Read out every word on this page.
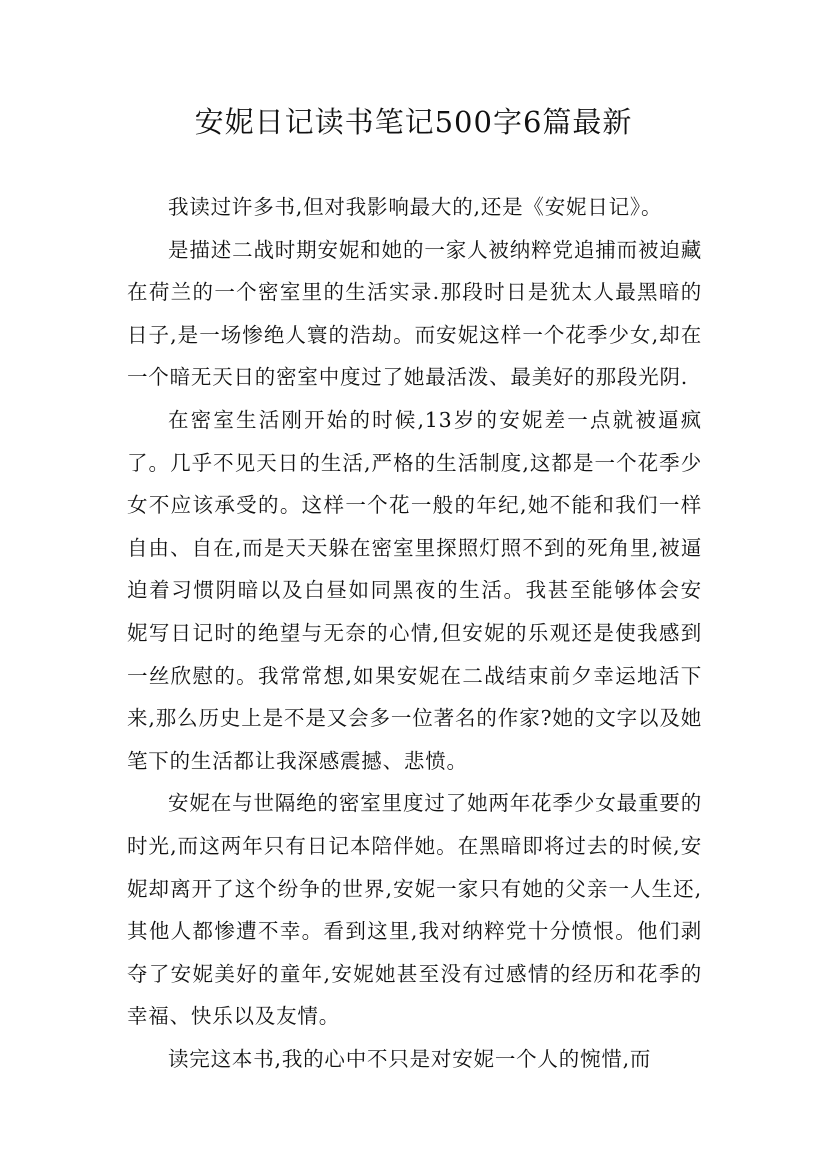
安妮日记读书笔记500字6篇最新

我读过许多书,但对我影响最大的,还是《安妮日记》。

是描述二战时期安妮和她的一家人被纳粹党追捕而被迫藏在荷兰的一个密室里的生活实录.那段时日是犹太人最黑暗的日子,是一场惨绝人寰的浩劫。而安妮这样一个花季少女,却在一个暗无天日的密室中度过了她最活泼、最美好的那段光阴.

在密室生活刚开始的时候,13岁的安妮差一点就被逼疯了。几乎不见天日的生活,严格的生活制度,这都是一个花季少女不应该承受的。这样一个花一般的年纪,她不能和我们一样自由、自在,而是天天躲在密室里探照灯照不到的死角里,被逼迫着习惯阴暗以及白昼如同黑夜的生活。我甚至能够体会安妮写日记时的绝望与无奈的心情,但安妮的乐观还是使我感到一丝欣慰的。我常常想,如果安妮在二战结束前夕幸运地活下来,那么历史上是不是又会多一位著名的作家?她的文字以及她笔下的生活都让我深感震撼、悲愤。

安妮在与世隔绝的密室里度过了她两年花季少女最重要的时光,而这两年只有日记本陪伴她。在黑暗即将过去的时候,安妮却离开了这个纷争的世界,安妮一家只有她的父亲一人生还,其他人都惨遭不幸。看到这里,我对纳粹党十分愤恨。他们剥夺了安妮美好的童年,安妮她甚至没有过感情的经历和花季的幸福、快乐以及友情。

读完这本书,我的心中不只是对安妮一个人的惋惜,而
